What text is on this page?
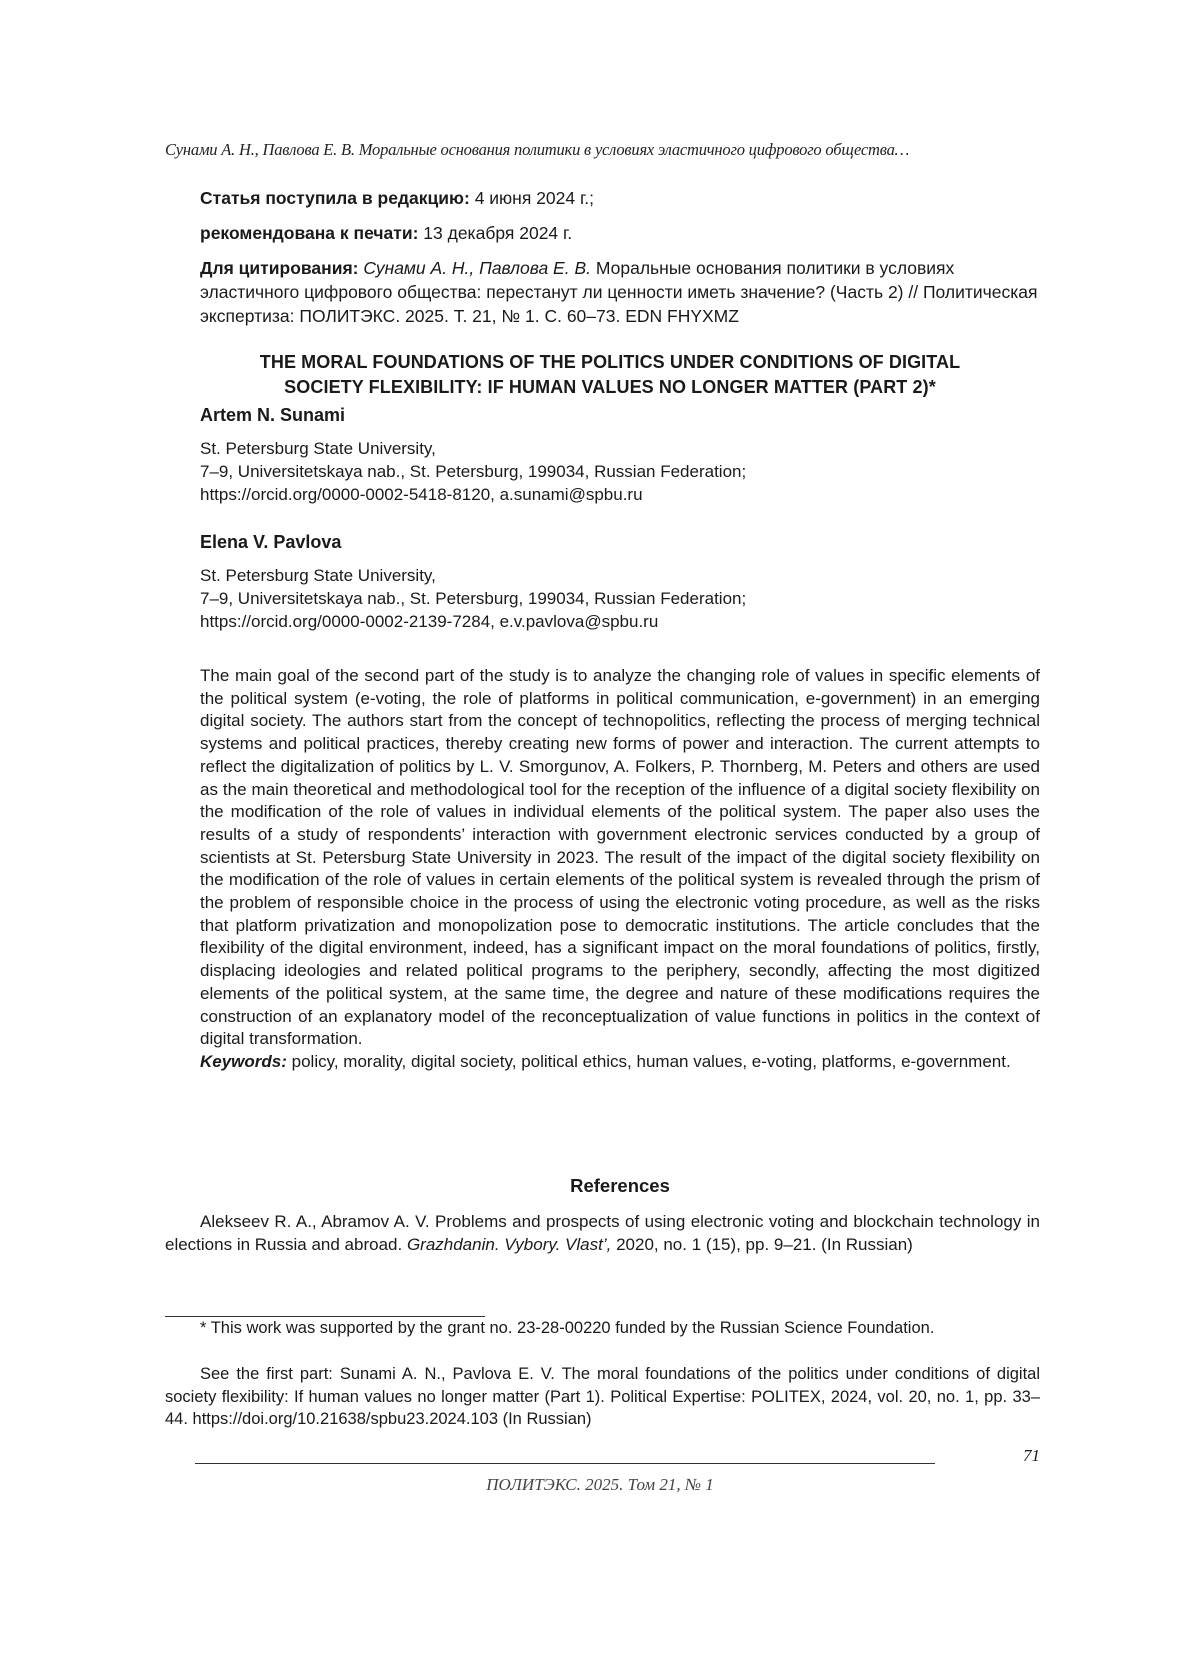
Сунами А. Н., Павлова Е. В. Моральные основания политики в условиях эластичного цифрового общества…
Статья поступила в редакцию: 4 июня 2024 г.;
рекомендована к печати: 13 декабря 2024 г.
Для цитирования: Сунами А. Н., Павлова Е. В. Моральные основания политики в условиях эластичного цифрового общества: перестанут ли ценности иметь значение? (Часть 2) // Политическая экспертиза: ПОЛИТЭКС. 2025. Т. 21, № 1. С. 60–73. EDN FHYXMZ
THE MORAL FOUNDATIONS OF THE POLITICS UNDER CONDITIONS OF DIGITAL
SOCIETY FLEXIBILITY: IF HUMAN VALUES NO LONGER MATTER (PART 2)*
Artem N. Sunami
St. Petersburg State University,
7–9, Universitetskaya nab., St. Petersburg, 199034, Russian Federation;
https://orcid.org/0000-0002-5418-8120, a.sunami@spbu.ru
Elena V. Pavlova
St. Petersburg State University,
7–9, Universitetskaya nab., St. Petersburg, 199034, Russian Federation;
https://orcid.org/0000-0002-2139-7284, e.v.pavlova@spbu.ru

The main goal of the second part of the study is to analyze the changing role of values in specific elements of the political system (e-voting, the role of platforms in political communication, e-government) in an emerging digital society. The authors start from the concept of technopolitics, reflecting the process of merging technical systems and political practices, thereby creating new forms of power and interaction. The current attempts to reflect the digitalization of politics by L. V. Smorgunov, A. Folkers, P. Thornberg, M. Peters and others are used as the main theoretical and methodological tool for the reception of the influence of a digital society flexibility on the modification of the role of values in individual elements of the political system. The paper also uses the results of a study of respondents’ interaction with government electronic services conducted by a group of scientists at St. Petersburg State University in 2023. The result of the impact of the digital society flexibility on the modification of the role of values in certain elements of the political system is revealed through the prism of the problem of responsible choice in the process of using the electronic voting procedure, as well as the risks that platform privatization and monopolization pose to democratic institutions. The article concludes that the flexibility of the digital environment, indeed, has a significant impact on the moral foundations of politics, firstly, displacing ideologies and related political programs to the periphery, secondly, affecting the most digitized elements of the political system, at the same time, the degree and nature of these modifications requires the construction of an explanatory model of the reconceptualization of value functions in politics in the context of digital transformation.

Keywords: policy, morality, digital society, political ethics, human values, e-voting, platforms, e-government.

References
Alekseev R. A., Abramov A. V. Problems and prospects of using electronic voting and blockchain technology in elections in Russia and abroad. Grazhdanin. Vybory. Vlast’, 2020, no. 1 (15), pp. 9–21. (In Russian)

* This work was supported by the grant no. 23-28-00220 funded by the Russian Science Foundation.

See the first part: Sunami A. N., Pavlova E. V. The moral foundations of the politics under conditions of digital society flexibility: If human values no longer matter (Part 1). Political Expertise: POLITEX, 2024, vol. 20, no. 1, pp. 33–44. https://doi.org/10.21638/spbu23.2024.103 (In Russian)

71
ПОЛИТЭКС. 2025. Том 21, № 1
